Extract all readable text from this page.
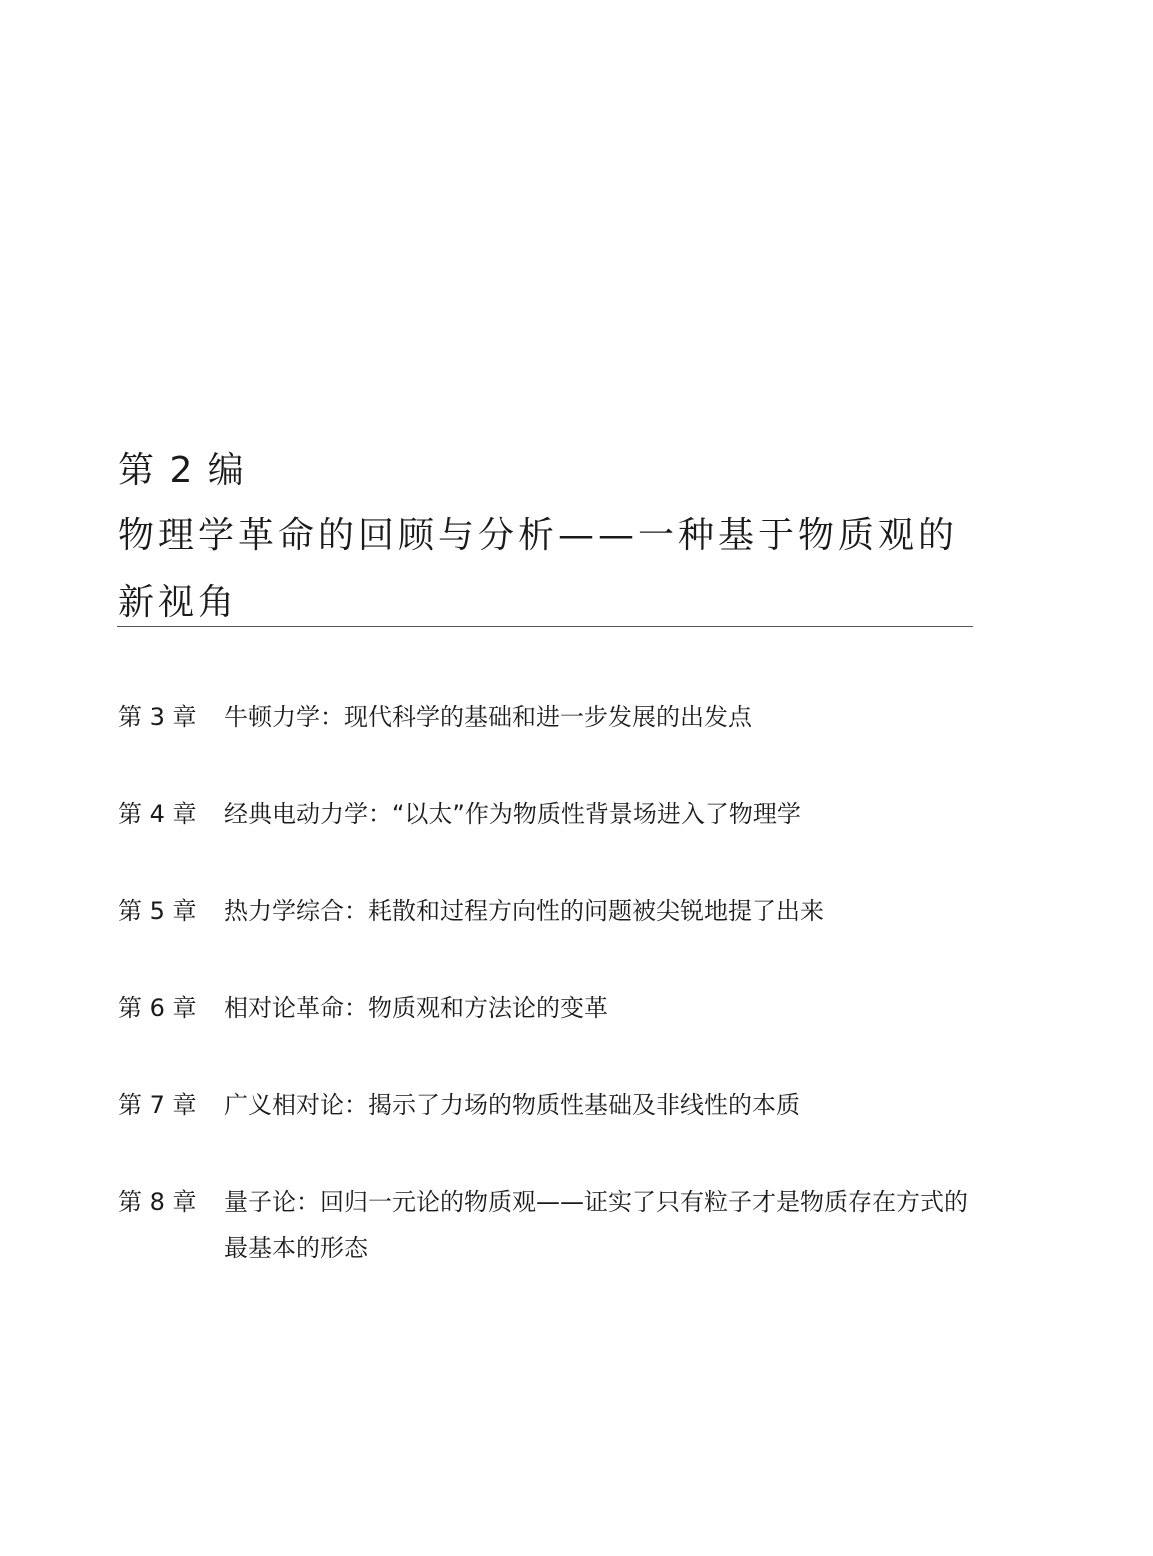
第 2 编
物理学革命的回顾与分析——一种基于物质观的新视角
第 3 章	牛顿力学：现代科学的基础和进一步发展的出发点
第 4 章	经典电动力学：“以太”作为物质性背景场进入了物理学
第 5 章	热力学综合：耗散和过程方向性的问题被尖锐地提了出来
第 6 章	相对论革命：物质观和方法论的变革
第 7 章	广义相对论：揭示了力场的物质性基础及非线性的本质
第 8 章	量子论：回归一元论的物质观——证实了只有粒子才是物质存在方式的最基本的形态
